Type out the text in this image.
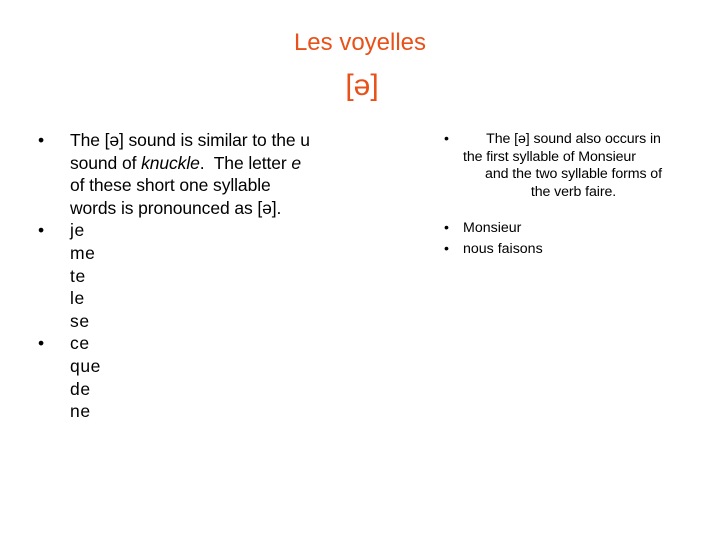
Les voyelles
[ə]
• The [ə] sound is similar to the u
sound of knuckle.  The letter e
of these short one syllable
words is pronounced as [ə].
• je
me
te
le
se
• ce
que
de
ne
•	The [ə] sound also occurs in
the first syllable of Monsieur
and the two syllable forms of
the verb faire.
• Monsieur
• nous faisons
